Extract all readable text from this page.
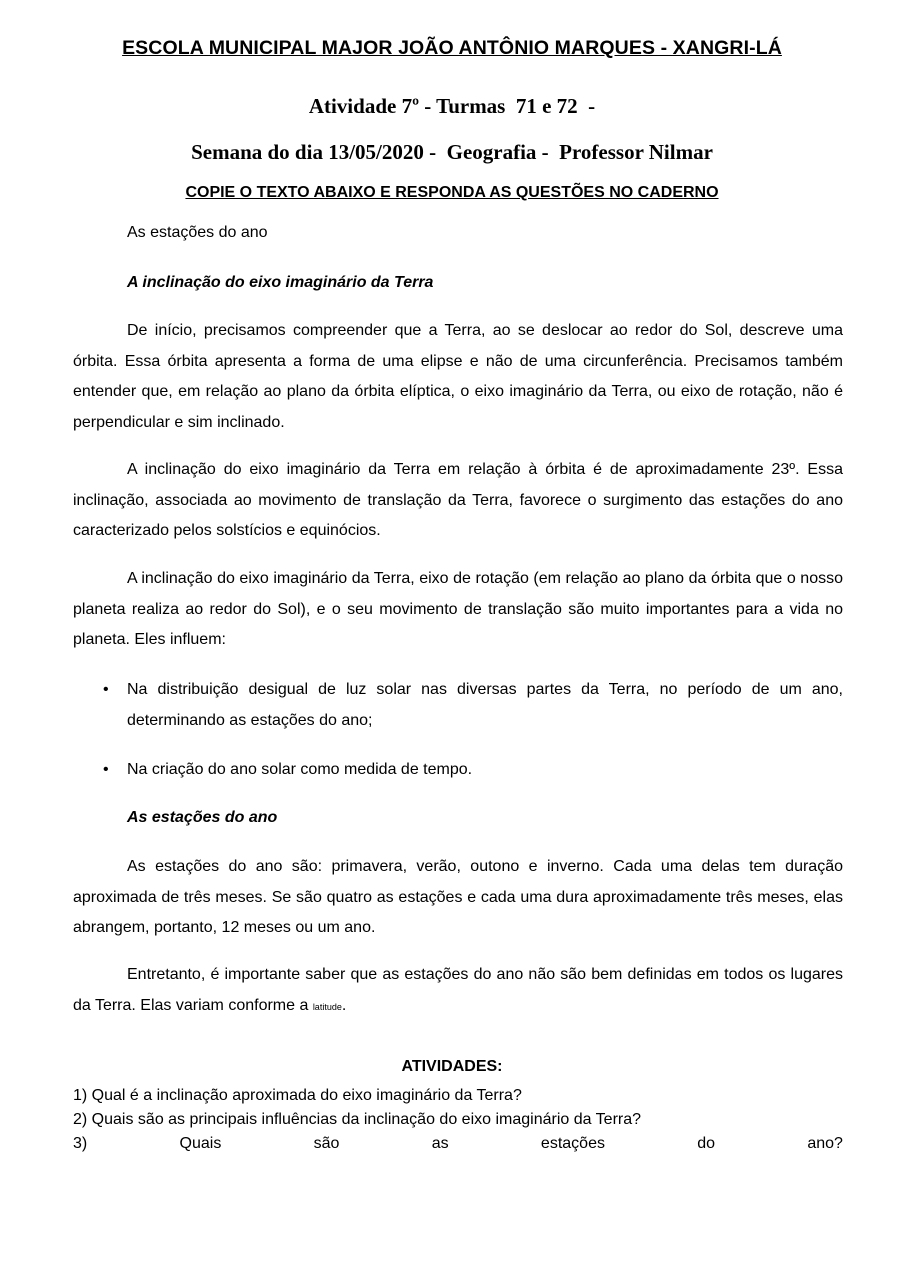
ESCOLA MUNICIPAL MAJOR JOÃO ANTÔNIO MARQUES - XANGRI-LÁ
Atividade 7º - Turmas  71 e 72  -
Semana do dia 13/05/2020 -  Geografia -  Professor Nilmar
COPIE O TEXTO ABAIXO E RESPONDA AS QUESTÕES NO CADERNO
As estações do ano
A inclinação do eixo imaginário da Terra
De início, precisamos compreender que a Terra, ao se deslocar ao redor do Sol, descreve uma órbita. Essa órbita apresenta a forma de uma elipse e não de uma circunferência. Precisamos também entender que, em relação ao plano da órbita elíptica, o eixo imaginário da Terra, ou eixo de rotação, não é perpendicular e sim inclinado.
A inclinação do eixo imaginário da Terra em relação à órbita é de aproximadamente 23º. Essa inclinação, associada ao movimento de translação da Terra, favorece o surgimento das estações do ano caracterizado pelos solstícios e equinócios.
A inclinação do eixo imaginário da Terra, eixo de rotação (em relação ao plano da órbita que o nosso planeta realiza ao redor do Sol), e o seu movimento de translação são muito importantes para a vida no planeta. Eles influem:
• Na distribuição desigual de luz solar nas diversas partes da Terra, no período de um ano, determinando as estações do ano;
• Na criação do ano solar como medida de tempo.
As estações do ano
As estações do ano são: primavera, verão, outono e inverno. Cada uma delas tem duração aproximada de três meses. Se são quatro as estações e cada uma dura aproximadamente três meses, elas abrangem, portanto, 12 meses ou um ano.
Entretanto, é importante saber que as estações do ano não são bem definidas em todos os lugares da Terra. Elas variam conforme a latitude.
ATIVIDADES:
1) Qual é a inclinação aproximada do eixo imaginário da Terra?
2) Quais são as principais influências da inclinação do eixo imaginário da Terra?
3)	Quais	são	as	estações	do	ano?
